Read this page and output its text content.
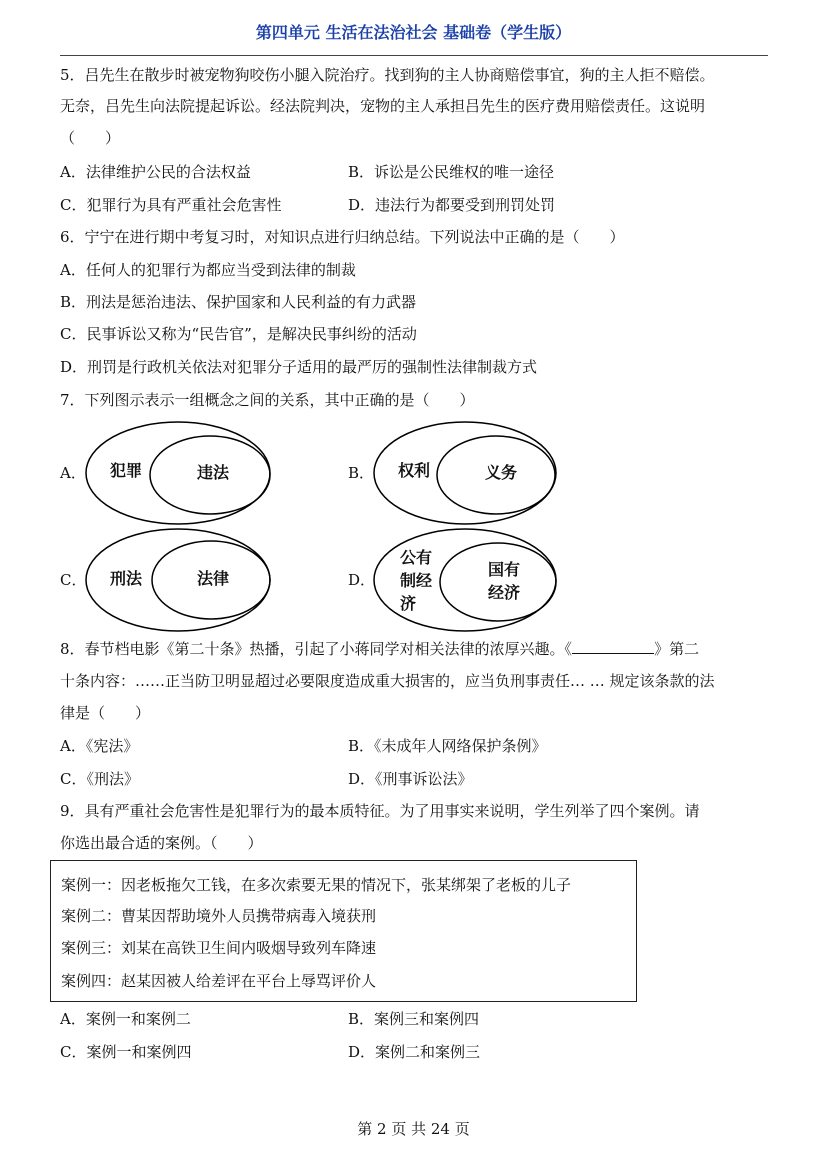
第四单元 生活在法治社会 基础卷（学生版）
5．吕先生在散步时被宠物狗咬伤小腿入院治疗。找到狗的主人协商赔偿事宜，狗的主人拒不赔偿。
无奈，吕先生向法院提起诉讼。经法院判决，宠物的主人承担吕先生的医疗费用赔偿责任。这说明
（　　）
A．法律维护公民的合法权益	B．诉讼是公民维权的唯一途径
C．犯罪行为具有严重社会危害性	D．违法行为都要受到刑罚处罚
6．宁宁在进行期中考复习时，对知识点进行归纳总结。下列说法中正确的是（　　）
A．任何人的犯罪行为都应当受到法律的制裁
B．刑法是惩治违法、保护国家和人民利益的有力武器
C．民事诉讼又称为“民告官”，是解决民事纠纷的活动
D．刑罚是行政机关依法对犯罪分子适用的最严厉的强制性法律制裁方式
7．下列图示表示一组概念之间的关系，其中正确的是（　　）
A． 犯罪	违法	B． 权利	义务
C． 刑法	法律	D．
公有制经济
国有经济
8．春节档电影《第二十条》热播，引起了小蒋同学对相关法律的浓厚兴趣。《	》第二
十条内容：……正当防卫明显超过必要限度造成重大损害的，应当负刑事责任… … 规定该条款的法
律是（　　）
A．《宪法》	B．《未成年人网络保护条例》
C．《刑法》	D．《刑事诉讼法》
9．具有严重社会危害性是犯罪行为的最本质特征。为了用事实来说明，学生列举了四个案例。请
你选出最合适的案例。（　　）
案例一：因老板拖欠工钱，在多次索要无果的情况下，张某绑架了老板的儿子
案例二：曹某因帮助境外人员携带病毒入境获刑
案例三：刘某在高铁卫生间内吸烟导致列车降速
案例四：赵某因被人给差评在平台上辱骂评价人
A．案例一和案例二	B．案例三和案例四
C．案例一和案例四	D．案例二和案例三
第 2 页 共 24 页
